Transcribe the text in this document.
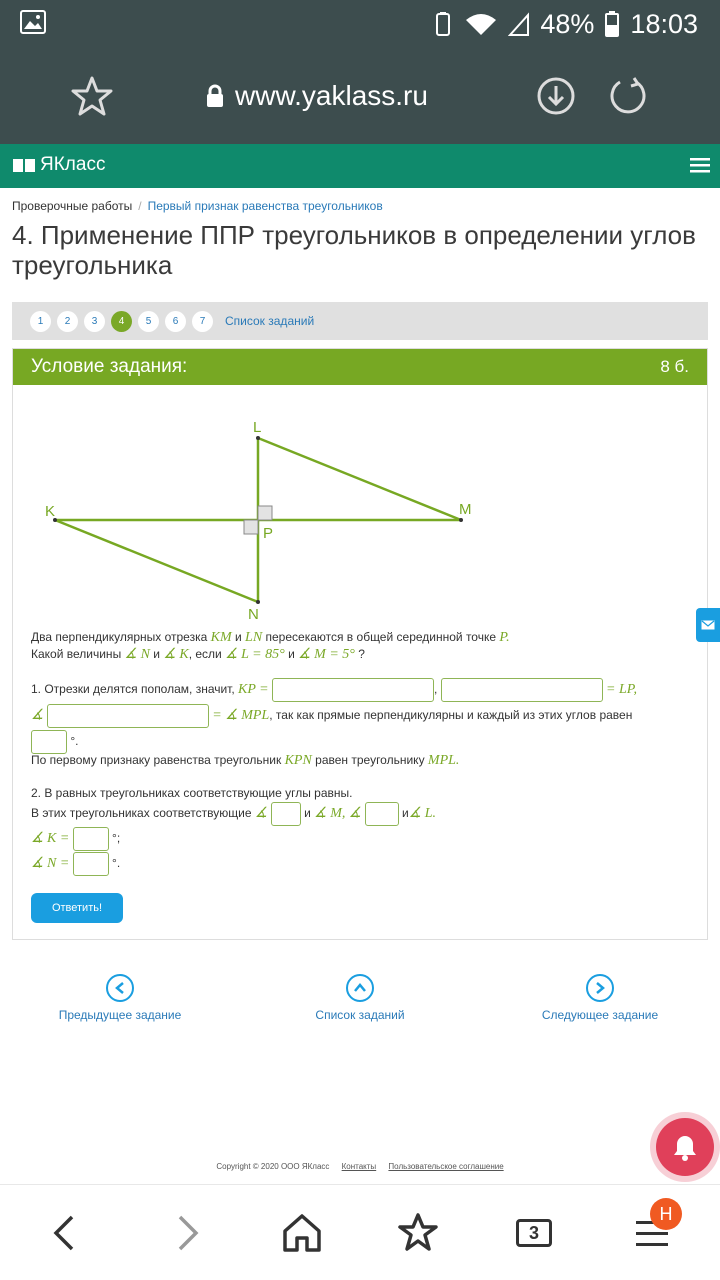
48% 18:03
www.yaklass.ru
ЯКласс
Проверочные работы / Первый признак равенства треугольников
4. Применение ППР треугольников в определении углов треугольника
1	2	3	4	5	6	7	Список заданий
Условие задания:	8 б.
L
K	M
P
N
Два перпендикулярных отрезка KM и LN пересекаются в общей серединной точке P.
Какой величины ∡ N и ∡ K, если ∡ L = 85° и ∡ M = 5° ?
1. Отрезки делятся пополам, значит, KP =	,	= LP,
∡	= ∡ MPL, так как прямые перпендикулярны и каждый из этих углов равен
°.
По первому признаку равенства треугольник KPN равен треугольнику MPL.
2. В равных треугольниках соответствующие углы равны.
В этих треугольниках соответствующие ∡	и ∡ M, ∡	и∡ L.
∡ K =	°;
∡ N =	°.
Ответить!
Предыдущее задание	Список заданий	Следующее задание
Copyright © 2020 ООО ЯКласс Контакты Пользовательское соглашение
3
Н
